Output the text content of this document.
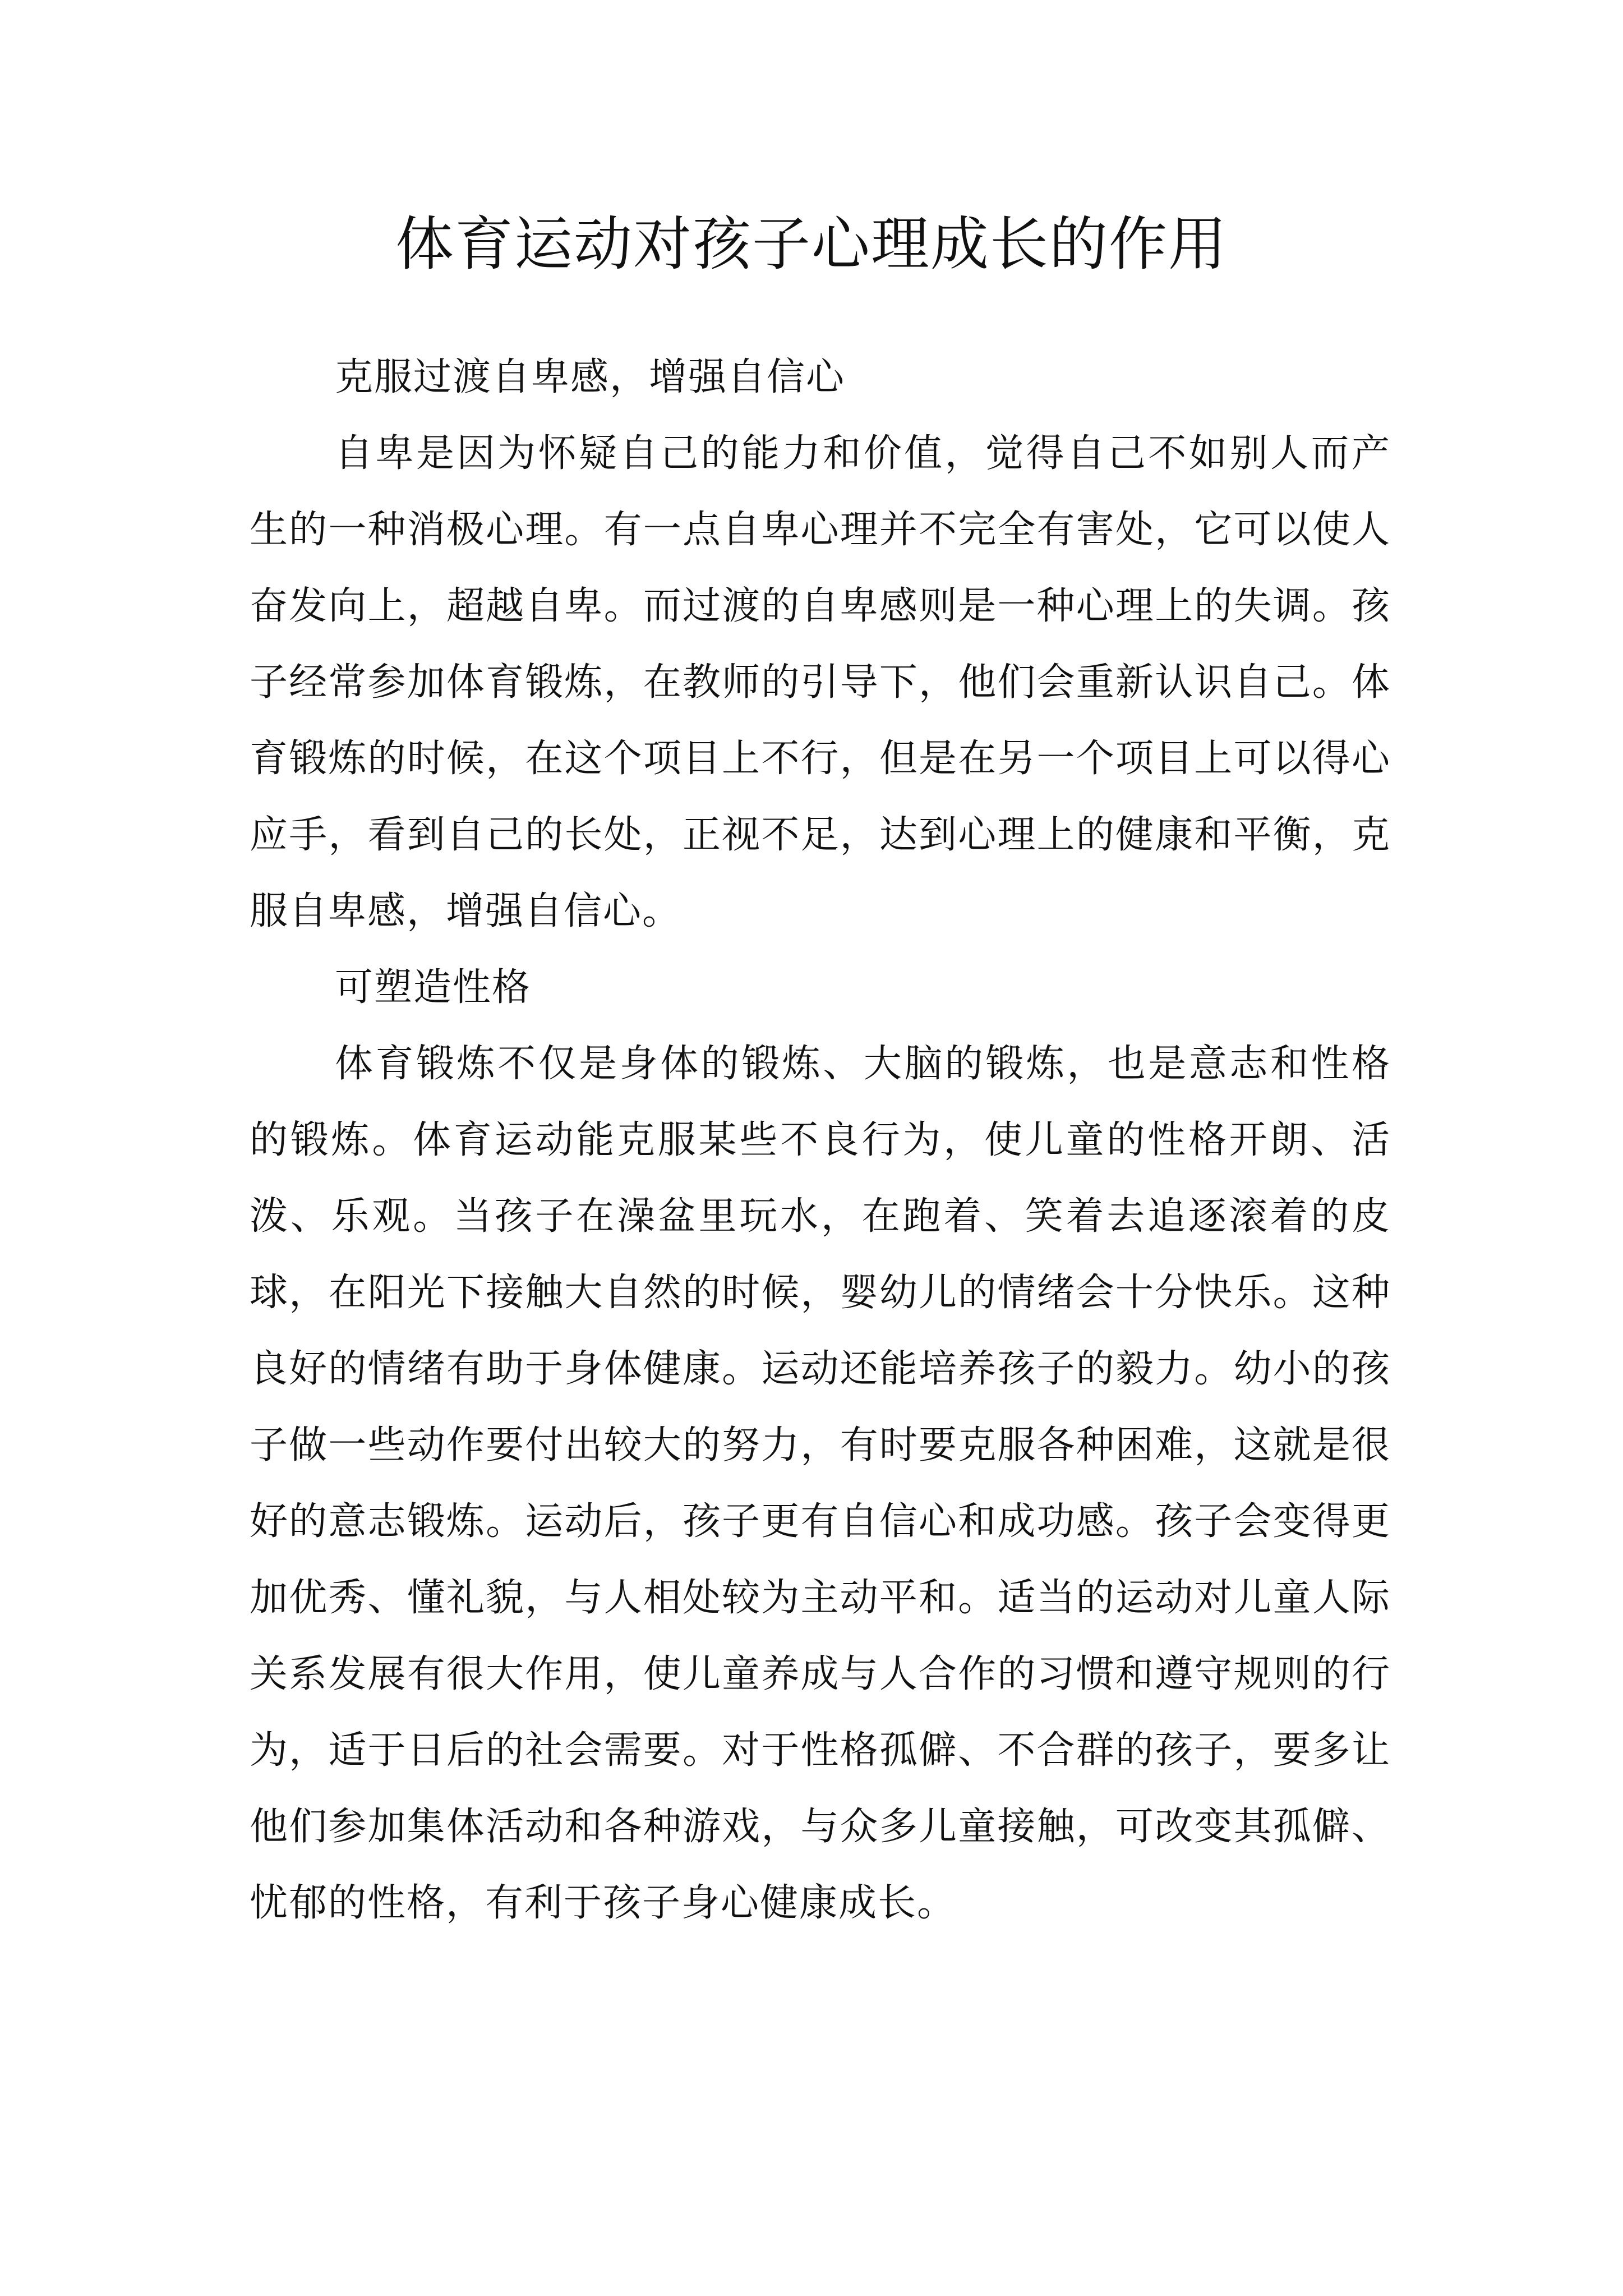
体育运动对孩子心理成长的作用

克服过渡自卑感，增强自信心

自卑是因为怀疑自己的能力和价值，觉得自己不如别人而产生的一种消极心理。有一点自卑心理并不完全有害处，它可以使人奋发向上，超越自卑。而过渡的自卑感则是一种心理上的失调。孩子经常参加体育锻炼，在教师的引导下，他们会重新认识自己。体育锻炼的时候，在这个项目上不行，但是在另一个项目上可以得心应手，看到自己的长处，正视不足，达到心理上的健康和平衡，克服自卑感，增强自信心。

可塑造性格

体育锻炼不仅是身体的锻炼、大脑的锻炼，也是意志和性格的锻炼。体育运动能克服某些不良行为，使儿童的性格开朗、活泼、乐观。当孩子在澡盆里玩水，在跑着、笑着去追逐滚着的皮球，在阳光下接触大自然的时候，婴幼儿的情绪会十分快乐。这种良好的情绪有助于身体健康。运动还能培养孩子的毅力。幼小的孩子做一些动作要付出较大的努力，有时要克服各种困难，这就是很好的意志锻炼。运动后，孩子更有自信心和成功感。孩子会变得更加优秀、懂礼貌，与人相处较为主动平和。适当的运动对儿童人际关系发展有很大作用，使儿童养成与人合作的习惯和遵守规则的行为，适于日后的社会需要。对于性格孤僻、不合群的孩子，要多让他们参加集体活动和各种游戏，与众多儿童接触，可改变其孤僻、忧郁的性格，有利于孩子身心健康成长。
